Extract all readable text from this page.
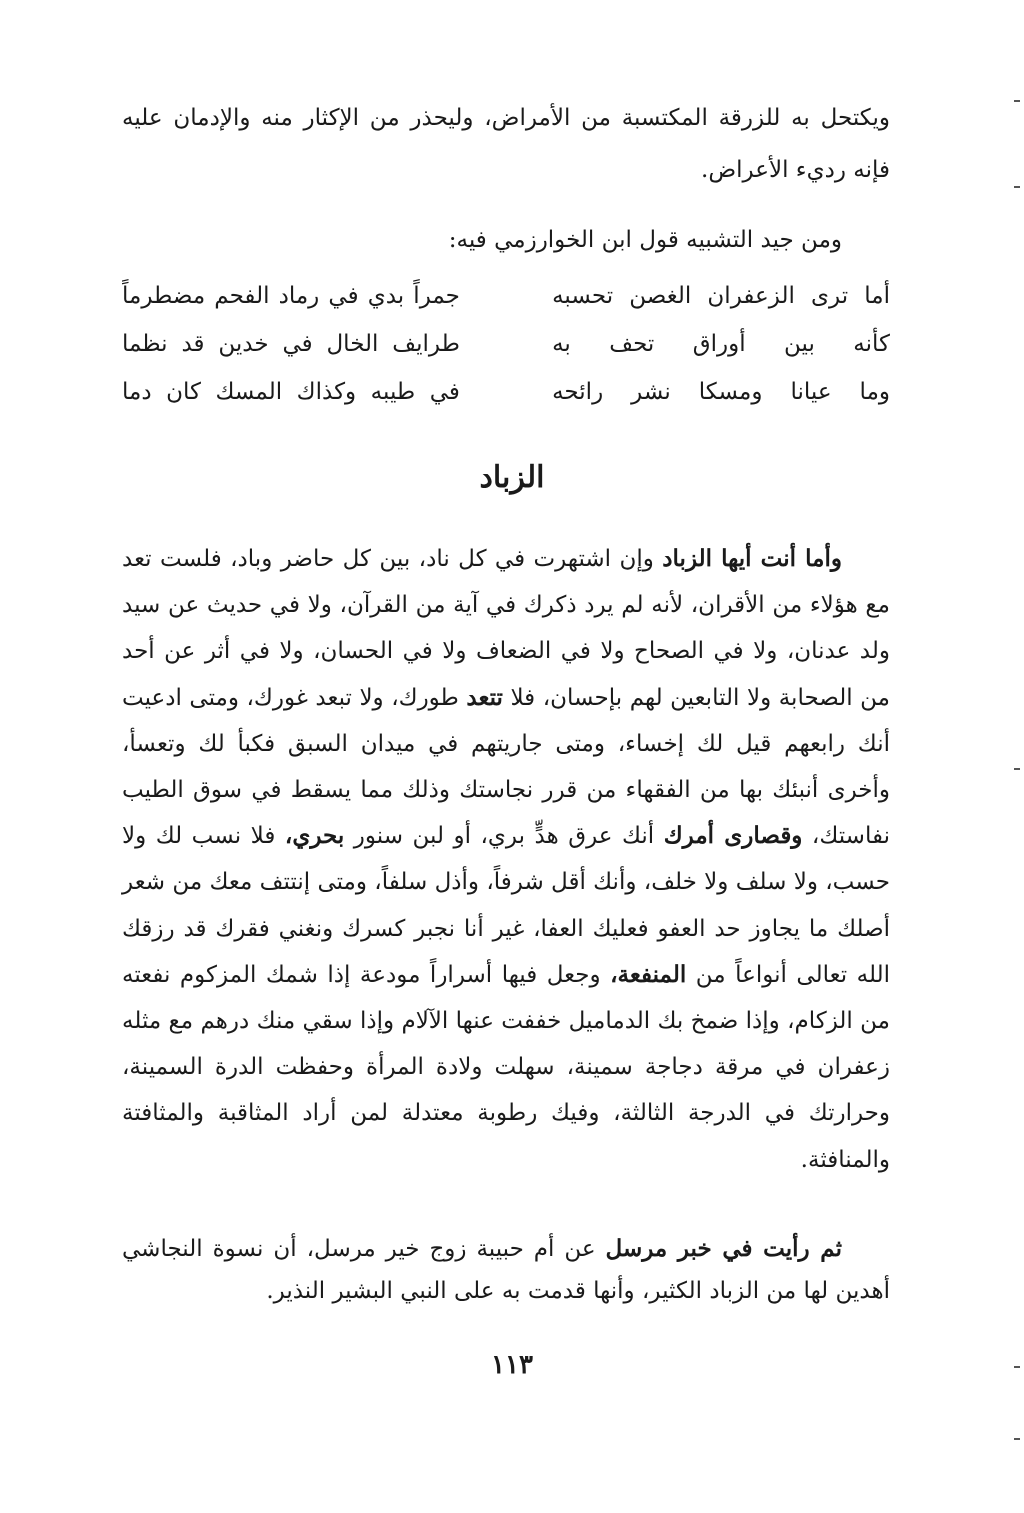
ويكتحل به للزرقة المكتسبة من الأمراض، وليحذر من الإكثار منه والإدمان عليه فإنه رديء الأعراض.

ومن جيد التشبيه قول ابن الخوارزمي فيه:

أما ترى الزعفران الغصن تحسبه
جمراً بدي في رماد الفحم مضطرماً
كأنه بين أوراق تحف به
طرايف الخال في خدين قد نظما
وما عيانا ومسكا نشر رائحه
في طيبه وكذاك المسك كان دما
الزباد

وأما أنت أيها الزباد وإن اشتهرت في كل ناد، بين كل حاضر وباد، فلست تعد مع هؤلاء من الأقران، لأنه لم يرد ذكرك في آية من القرآن، ولا في حديث عن سيد ولد عدنان، ولا في الصحاح ولا في الضعاف ولا في الحسان، ولا في أثر عن أحد من الصحابة ولا التابعين لهم بإحسان، فلا تتعد طورك، ولا تبعد غورك، ومتى ادعيت أنك رابعهم قيل لك إخساء، ومتى جاريتهم في ميدان السبق فكبأ لك وتعسأ، وأخرى أنبئك بها من الفقهاء من قرر نجاستك وذلك مما يسقط في سوق الطيب نفاستك، وقصارى أمرك أنك عرق هدٍّ بري، أو لبن سنور بحري، فلا نسب لك ولا حسب، ولا سلف ولا خلف، وأنك أقل شرفاً، وأذل سلفاً، ومتى إنتتف معك من شعر أصلك ما يجاوز حد العفو فعليك العفا، غير أنا نجبر كسرك ونغني فقرك قد رزقك الله تعالى أنواعاً من المنفعة، وجعل فيها أسراراً مودعة إذا شمك المزكوم نفعته من الزكام، وإذا ضمخ بك الدماميل خففت عنها الآلام وإذا سقي منك درهم مع مثله زعفران في مرقة دجاجة سمينة، سهلت ولادة المرأة وحفظت الدرة السمينة، وحرارتك في الدرجة الثالثة، وفيك رطوبة معتدلة لمن أراد المثاقبة والمثافتة والمنافثة.

ثم رأيت في خبر مرسل عن أم حبيبة زوج خير مرسل، أن نسوة النجاشي أهدين لها من الزباد الكثير، وأنها قدمت به على النبي البشير النذير.

١١٣
